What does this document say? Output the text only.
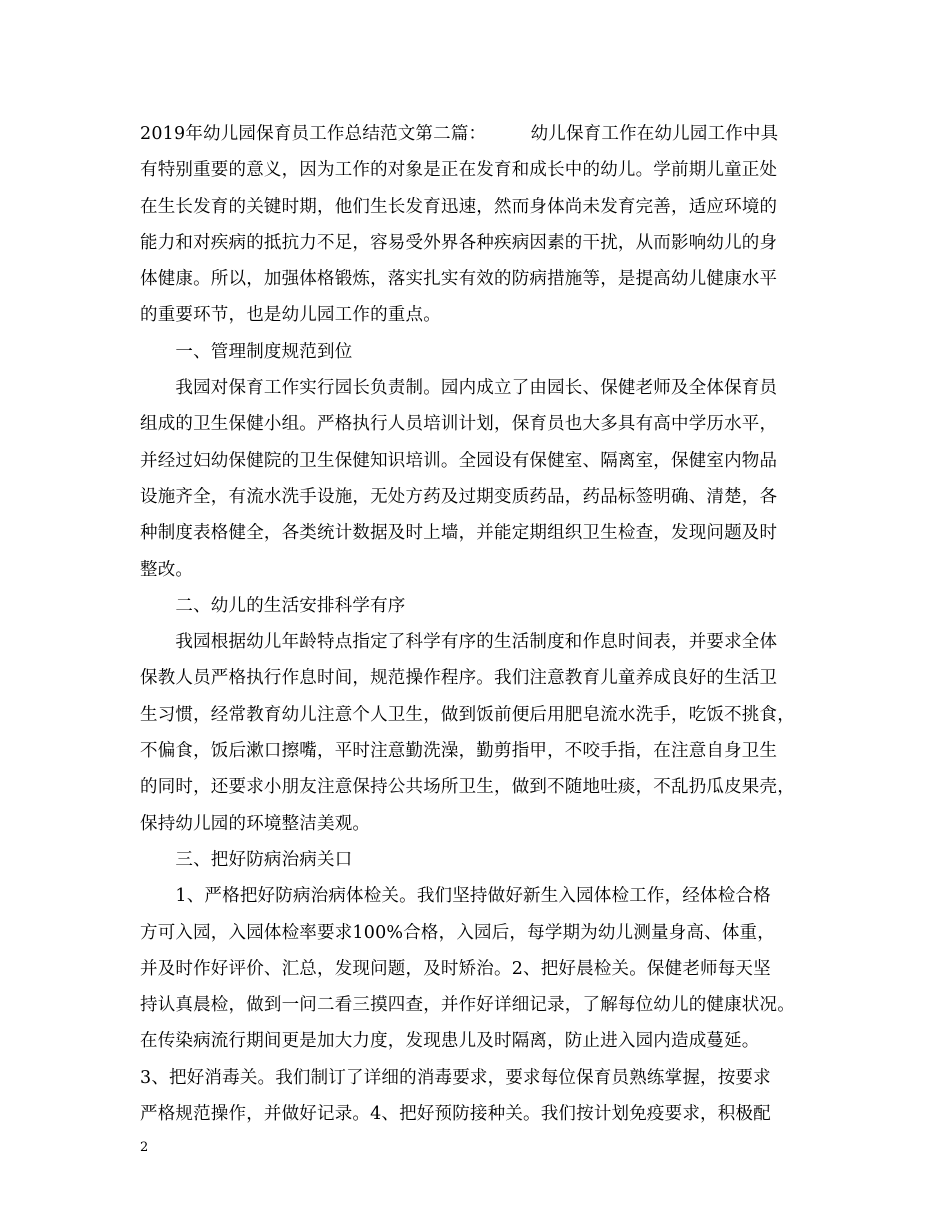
2019年幼儿园保育员工作总结范文第二篇：　　　幼儿保育工作在幼儿园工作中具
有特别重要的意义，因为工作的对象是正在发育和成长中的幼儿。学前期儿童正处
在生长发育的关键时期，他们生长发育迅速，然而身体尚未发育完善，适应环境的
能力和对疾病的抵抗力不足，容易受外界各种疾病因素的干扰，从而影响幼儿的身
体健康。所以，加强体格锻炼，落实扎实有效的防病措施等，是提高幼儿健康水平
的重要环节，也是幼儿园工作的重点。
　　一、管理制度规范到位
　　我园对保育工作实行园长负责制。园内成立了由园长、保健老师及全体保育员
组成的卫生保健小组。严格执行人员培训计划，保育员也大多具有高中学历水平，
并经过妇幼保健院的卫生保健知识培训。全园设有保健室、隔离室，保健室内物品
设施齐全，有流水洗手设施，无处方药及过期变质药品，药品标签明确、清楚，各
种制度表格健全，各类统计数据及时上墙，并能定期组织卫生检查，发现问题及时
整改。
　　二、幼儿的生活安排科学有序
　　我园根据幼儿年龄特点指定了科学有序的生活制度和作息时间表，并要求全体
保教人员严格执行作息时间，规范操作程序。我们注意教育儿童养成良好的生活卫
生习惯，经常教育幼儿注意个人卫生，做到饭前便后用肥皂流水洗手，吃饭不挑食，
不偏食，饭后漱口擦嘴，平时注意勤洗澡，勤剪指甲，不咬手指，在注意自身卫生
的同时，还要求小朋友注意保持公共场所卫生，做到不随地吐痰，不乱扔瓜皮果壳，
保持幼儿园的环境整洁美观。
　　三、把好防病治病关口
　　1、严格把好防病治病体检关。我们坚持做好新生入园体检工作，经体检合格
方可入园，入园体检率要求100%合格，入园后，每学期为幼儿测量身高、体重，
并及时作好评价、汇总，发现问题，及时矫治。2、把好晨检关。保健老师每天坚
持认真晨检，做到一问二看三摸四查，并作好详细记录，了解每位幼儿的健康状况。
在传染病流行期间更是加大力度，发现患儿及时隔离，防止进入园内造成蔓延。
3、把好消毒关。我们制订了详细的消毒要求，要求每位保育员熟练掌握，按要求
严格规范操作，并做好记录。4、把好预防接种关。我们按计划免疫要求，积极配
2
